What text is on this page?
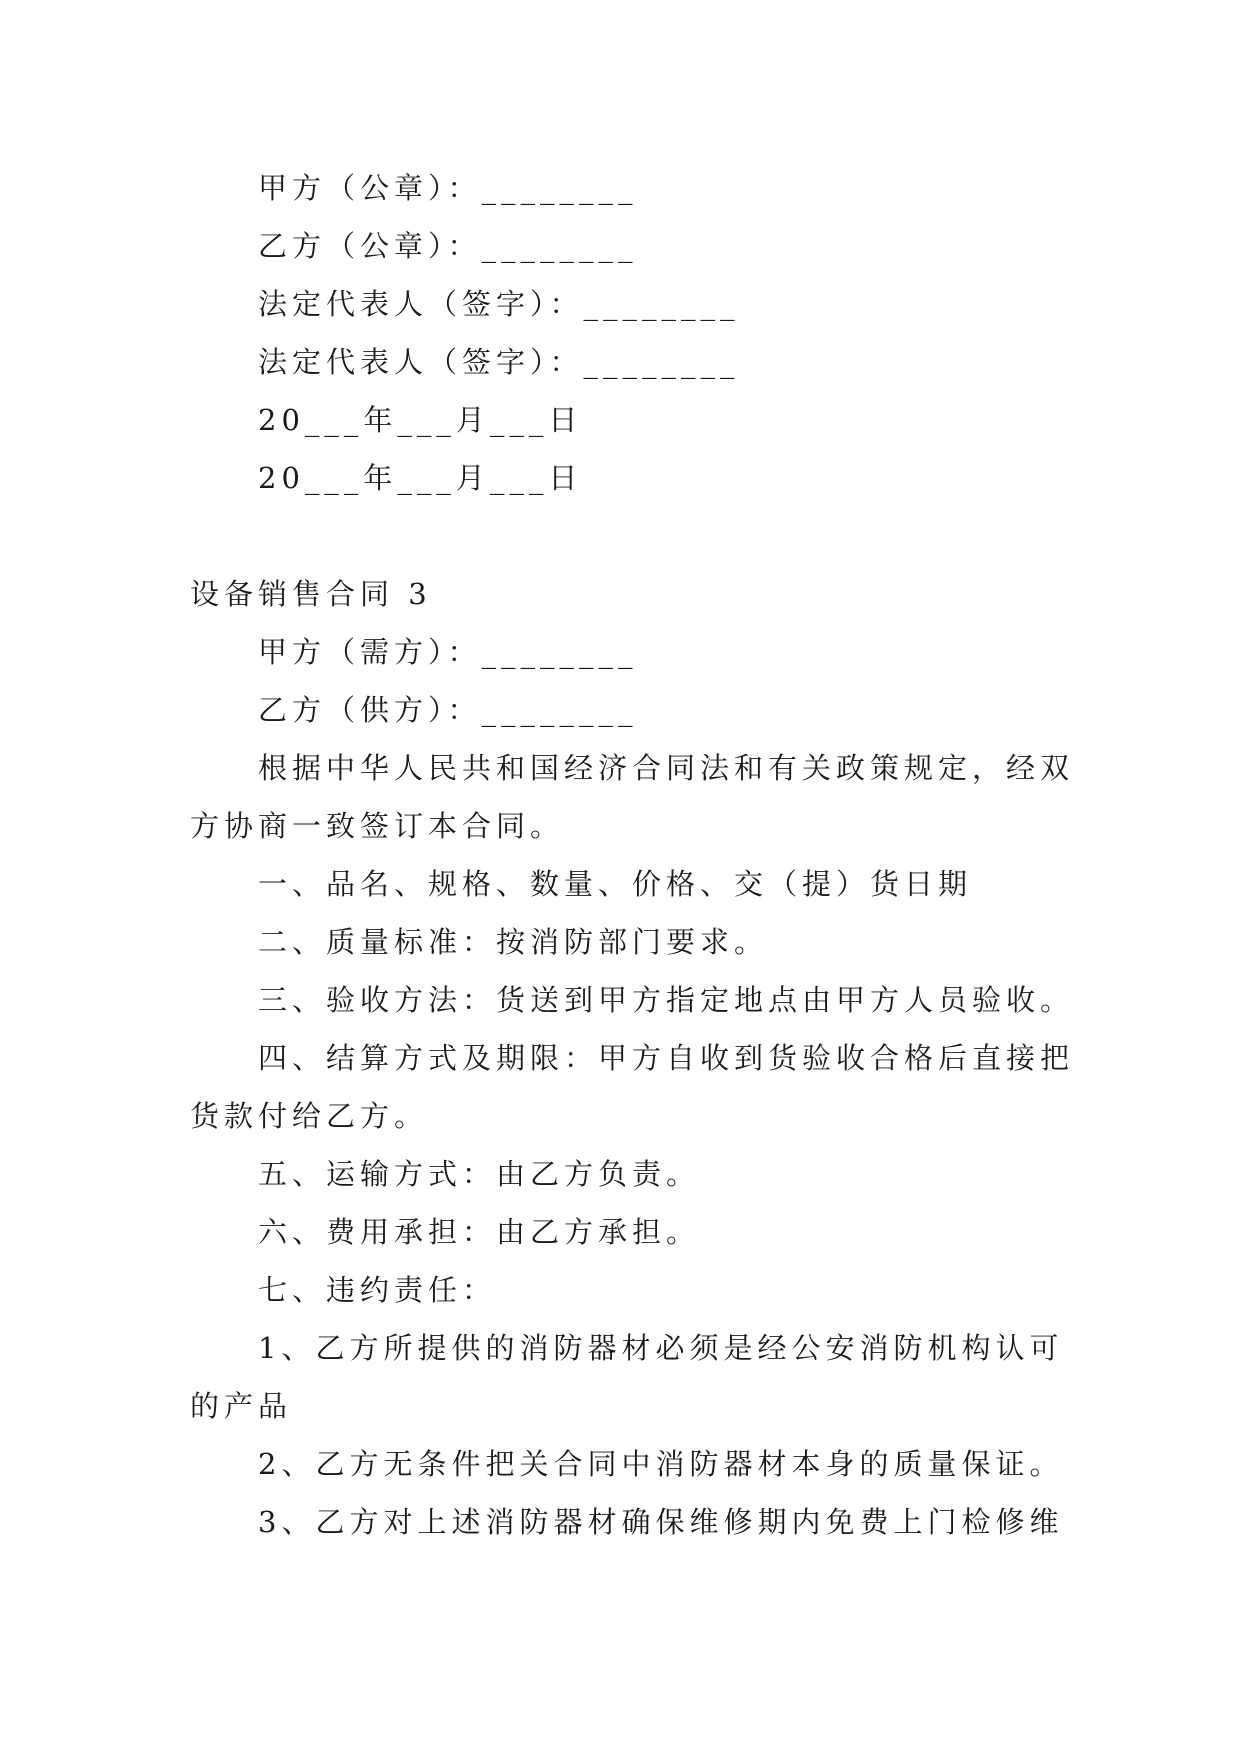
甲方（公章）：________
乙方（公章）：________
法定代表人（签字）：________
法定代表人（签字）：________
20___年___月___日
20___年___月___日
设备销售合同 3
甲方（需方）：________
乙方（供方）：________
根据中华人民共和国经济合同法和有关政策规定，经双
方协商一致签订本合同。
一、品名、规格、数量、价格、交（提）货日期
二、质量标准：按消防部门要求。
三、验收方法：货送到甲方指定地点由甲方人员验收。
四、结算方式及期限：甲方自收到货验收合格后直接把
货款付给乙方。
五、运输方式：由乙方负责。
六、费用承担：由乙方承担。
七、违约责任：
1、乙方所提供的消防器材必须是经公安消防机构认可
的产品
2、乙方无条件把关合同中消防器材本身的质量保证。
3、乙方对上述消防器材确保维修期内免费上门检修维
